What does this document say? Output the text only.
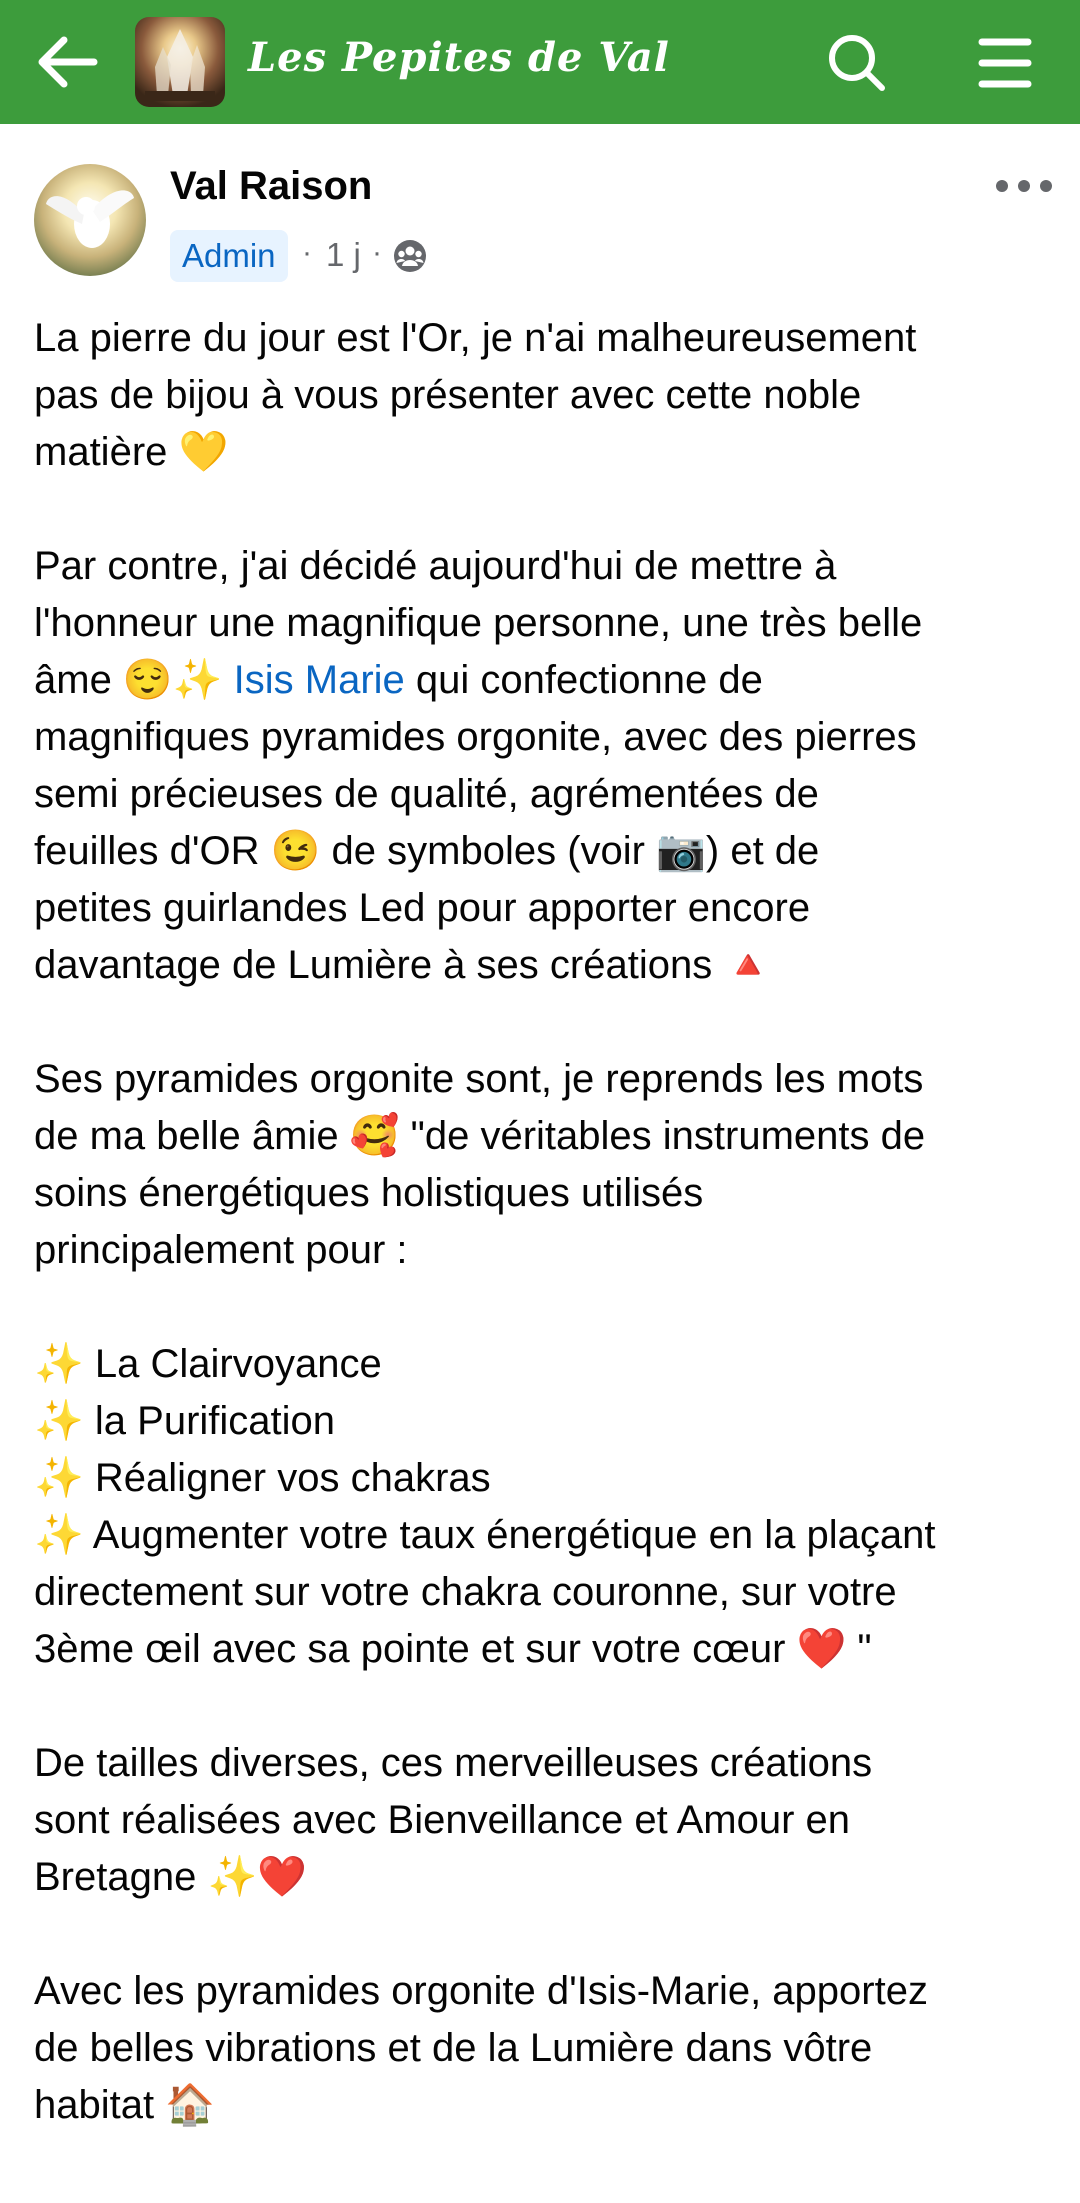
Les Pepites de Val
Val Raison
Admin · 1 j ·
La pierre du jour est l'Or, je n'ai malheureusement
pas de bijou à vous présenter avec cette noble
matière 💛
Par contre, j'ai décidé aujourd'hui de mettre à
l'honneur une magnifique personne, une très belle
âme 😌✨ Isis Marie qui confectionne de
magnifiques pyramides orgonite, avec des pierres
semi précieuses de qualité, agrémentées de
feuilles d'OR 😉 de symboles (voir 📷) et de
petites guirlandes Led pour apporter encore
davantage de Lumière à ses créations 🔺
Ses pyramides orgonite sont, je reprends les mots
de ma belle âmie 🥰 "de véritables instruments de
soins énergétiques holistiques utilisés
principalement pour :
✨ La Clairvoyance
✨ la Purification
✨ Réaligner vos chakras
✨ Augmenter votre taux énergétique en la plaçant
directement sur votre chakra couronne, sur votre
3ème œil avec sa pointe et sur votre cœur ❤️ "
De tailles diverses, ces merveilleuses créations
sont réalisées avec Bienveillance et Amour en
Bretagne ✨❤️
Avec les pyramides orgonite d'Isis-Marie, apportez
de belles vibrations et de la Lumière dans vôtre
habitat 🏠
